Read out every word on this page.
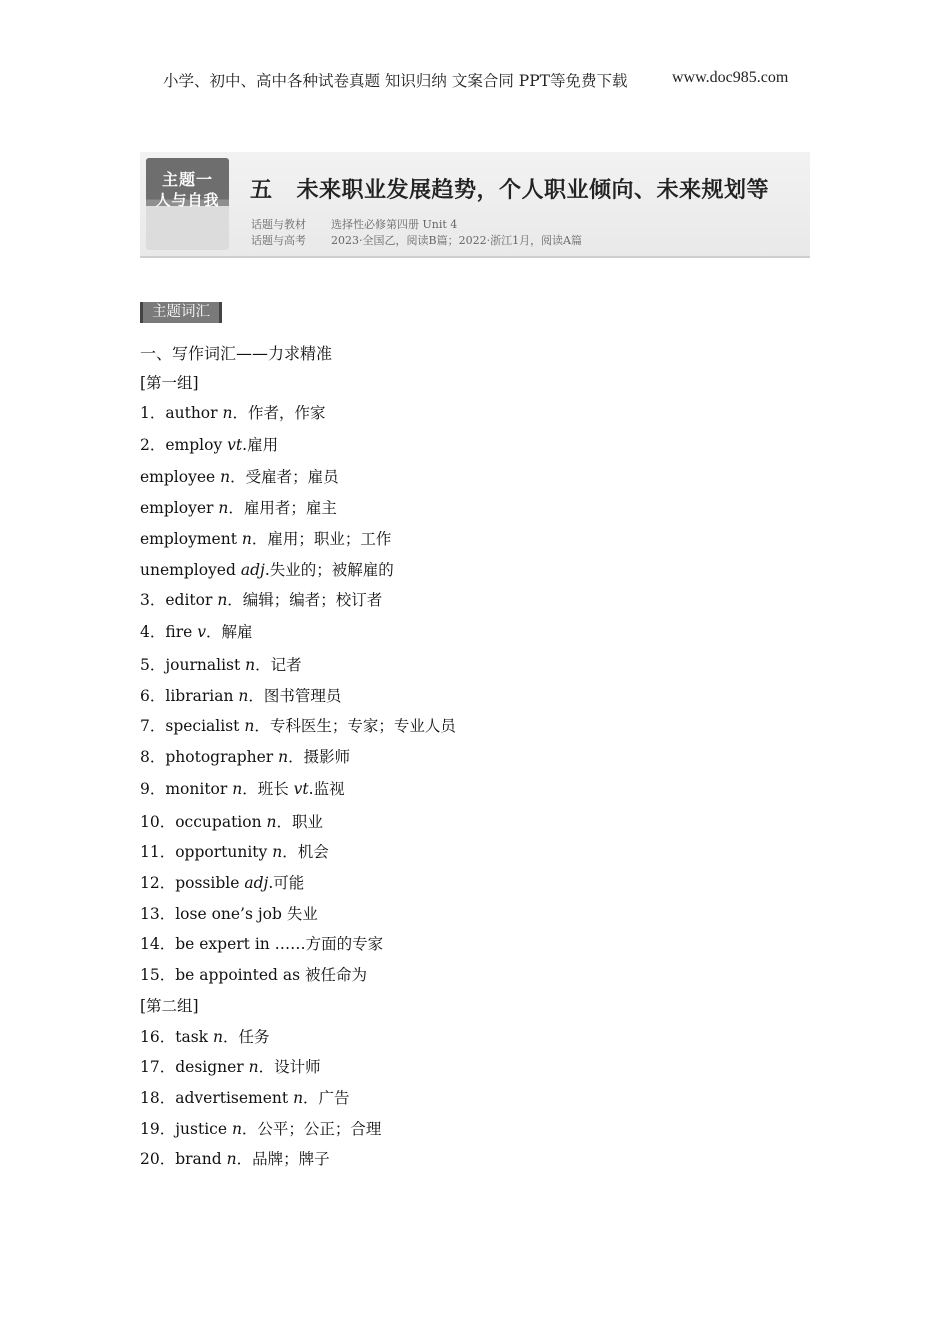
小学、初中、高中各种试卷真题 知识归纳 文案合同 PPT等免费下载	www.doc985.com
主题一
人与自我	五 未来职业发展趋势，个人职业倾向、未来规划等
话题与教材 选择性必修第四册 Unit 4
话题与高考 2023·全国乙，阅读B篇；2022·浙江1月，阅读A篇
主题词汇
一、写作词汇——力求精准
[第一组]
1．author n．作者，作家
2．employ vt.雇用
employee n．受雇者；雇员
employer n．雇用者；雇主
employment n．雇用；职业；工作
unemployed adj.失业的；被解雇的
3．editor n．编辑；编者；校订者
4．fire v．解雇
5．journalist n．记者
6．librarian n．图书管理员
7．specialist n．专科医生；专家；专业人员
8．photographer n．摄影师
9．monitor n．班长 vt.监视
10．occupation n．职业
11．opportunity n．机会
12．possible adj.可能
13．lose one’s job 失业
14．be expert in ……方面的专家
15．be appointed as 被任命为
16．task n．任务
17．designer n．设计师
18．advertisement n．广告
19．justice n．公平；公正；合理
20．brand n．品牌；牌子
[第二组]
